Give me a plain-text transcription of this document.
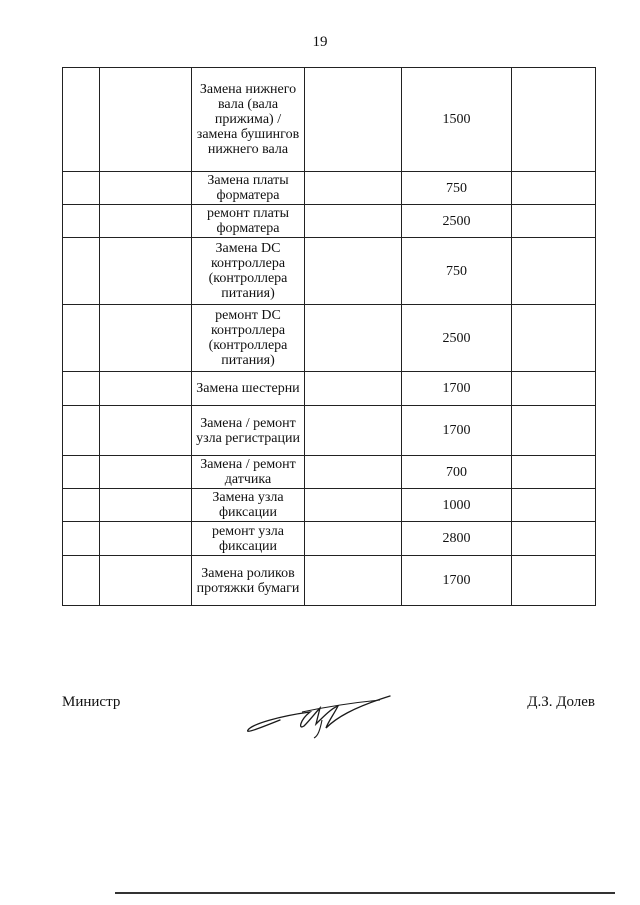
19
		Замена нижнего вала (вала прижима) / замена бушингов нижнего вала		1500	
		Замена платы форматера		750	
		ремонт платы форматера		2500	
		Замена DC контроллера (контроллера питания)		750	
		ремонт DC контроллера (контроллера питания)		2500	
		Замена шестерни		1700	
		Замена / ремонт узла регистрации		1700	
		Замена / ремонт датчика		700	
		Замена узла фиксации		1000	
		ремонт узла фиксации		2800	
		Замена роликов протяжки бумаги		1700	
Министр	Д.З. Долев
